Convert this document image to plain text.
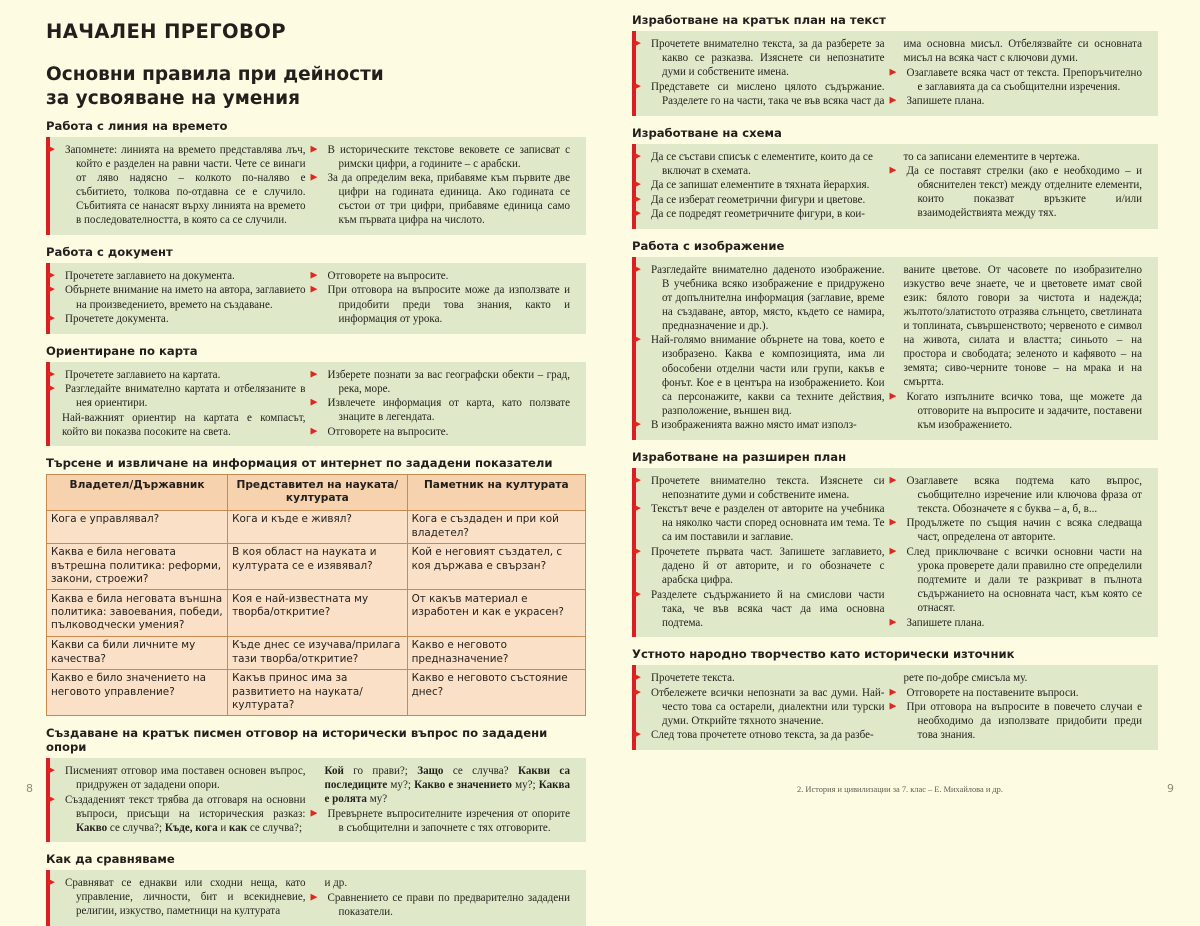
НАЧАЛЕН ПРЕГОВОР
Основни правила при дейности
за усвояване на умения
Работа с линия на времето

▶ Запомнете: линията на времето представлява лъч, който е разделен на равни части. Чете се винаги от ляво надясно – колкото по-наляво е събитието, толкова по-отдавна се е случило. Събитията се нанасят върху линията на времето в последователността, в която са се случили.

▶ В историческите текстове вековете се записват с римски цифри, а годините – с арабски.

▶ За да определим века, прибавяме към първите две цифри на годината единица. Ако годината се състои от три цифри, прибавяме единица само към първата цифра на числото.

Работа с документ

▶ Прочетете заглавието на документа.

▶ Обърнете внимание на името на автора, заглавието на произведението, времето на създаване.

▶ Прочетете документа.

▶ Отговорете на въпросите.

▶ При отговора на въпросите може да използвате и придобити преди това знания, както и информация от урока.

Ориентиране по карта

▶ Прочетете заглавието на картата.

▶ Разгледайте внимателно картата и отбелязаните в нея ориентири.

Най-важният ориентир на картата е компасът, който ви показва посоките на света.

▶ Изберете познати за вас географски обекти – град, река, море.

▶ Извлечете информация от карта, като ползвате знаците в легендата.

▶ Отговорете на въпросите.

Търсене и извличане на информация от интернет по зададени показатели
Владетел/Държавник	Представител на науката/културата	Паметник на културата
Кога е управлявал?	Кога и къде е живял?	Кога е създаден и при кой владетел?
Каква е била неговата вътрешна политика: реформи, закони, строежи?	В коя област на науката и културата се е изявявал?	Кой е неговият създател, с коя държава е свързан?
Каква е била неговата външна политика: завоевания, победи, пълководчески умения?	Коя е най-известната му творба/откритие?	От какъв материал е изработен и как е украсен?
Какви са били личните му качества?	Къде днес се изучава/прилага тази творба/откритие?	Какво е неговото предназначение?
Какво е било значението на неговото управление?	Какъв принос има за развитието на науката/културата?	Какво е неговото състояние днес?
Създаване на кратък писмен отговор на исторически въпрос по зададени опори

▶ Писменият отговор има поставен основен въпрос, придружен от зададени опори.

▶ Създаденият текст трябва да отговаря на основни въпроси, присъщи на историческия разказ: Какво се случва?; Къде, кога и как се случва?;

Кой го прави?; Защо се случва? Какви са последиците му?; Какво е значението му?; Каква е ролята му?

▶ Превърнете въпросителните изречения от опорите в съобщителни и започнете с тях отговорите.

Как да сравняваме

▶ Сравняват се еднакви или сходни неща, като управление, личности, бит и всекидневие, религии, изкуство, паметници на културата

и др.

▶ Сравнението се прави по предварително зададени показатели.

8
Изработване на кратък план на текст

▶ Прочетете внимателно текста, за да разберете за какво се разказва. Изяснете си непознатите думи и собствените имена.

▶ Представете си мислено цялото съдържание. Разделете го на части, така че във всяка част да

има основна мисъл. Отбелязвайте си основната мисъл на всяка част с ключови думи.

▶ Озаглавете всяка част от текста. Препоръчително е заглавията да са съобщителни изречения.

▶ Запишете плана.

Изработване на схема

▶ Да се състави списък с елементите, които да се включат в схемата.

▶ Да се запишат елементите в тяхната йерархия.

▶ Да се изберат геометрични фигури и цветове.

▶ Да се подредят геометричните фигури, в кои-

то са записани елементите в чертежа.

▶ Да се поставят стрелки (ако е необходимо – и обяснителен текст) между отделните елементи, които показват връзките и/или взаимодействията между тях.

Работа с изображение

▶ Разгледайте внимателно даденото изображение. В учебника всяко изображение е придружено от допълнителна информация (заглавие, време на създаване, автор, място, където се намира, предназначение и др.).

▶ Най-голямо внимание обърнете на това, което е изобразено. Каква е композицията, има ли обособени отделни части или групи, какъв е фонът. Кое е в центъра на изображението. Кои са персонажите, какви са техните действия, разположение, външен вид.

▶ В изображенията важно място имат използ-

ваните цветове. От часовете по изобразително изкуство вече знаете, че и цветовете имат свой език: бялото говори за чистота и надежда; жълтото/златистото отразява слънцето, светлината и топлината, съвършенството; червеното е символ на живота, силата и властта; синьото – на простора и свободата; зеленото и кафявото – на земята; сиво-черните тонове – на мрака и на смъртта.

▶ Когато изпълните всичко това, ще можете да отговорите на въпросите и задачите, поставени към изображението.

Изработване на разширен план

▶ Прочетете внимателно текста. Изяснете си непознатите думи и собствените имена.

▶ Текстът вече е разделен от авторите на учебника на няколко части според основната им тема. Те са им поставили и заглавие.

▶ Прочетете първата част. Запишете заглавието, дадено й от авторите, и го обозначете с арабска цифра.

▶ Разделете съдържанието й на смислови части така, че във всяка част да има основна подтема.

▶ Озаглавете всяка подтема като въпрос, съобщително изречение или ключова фраза от текста. Обозначете я с буква – а, б, в...

▶ Продължете по същия начин с всяка следваща част, определена от авторите.

▶ След приключване с всички основни части на урока проверете дали правилно сте определили подтемите и дали те разкриват в пълнота съдържанието на основната част, към която се отнасят.

▶ Запишете плана.

Устното народно творчество като исторически източник

▶ Прочетете текста.

▶ Отбележете всички непознати за вас думи. Най-често това са остарели, диалектни или турски думи. Открийте тяхното значение.

▶ След това прочетете отново текста, за да разбе-

рете по-добре смисъла му.

▶ Отговорете на поставените въпроси.

▶ При отговора на въпросите в повечето случаи е необходимо да използвате придобити преди това знания.

2. История и цивилизации за 7. клас – Е. Михайлова и др.	9
